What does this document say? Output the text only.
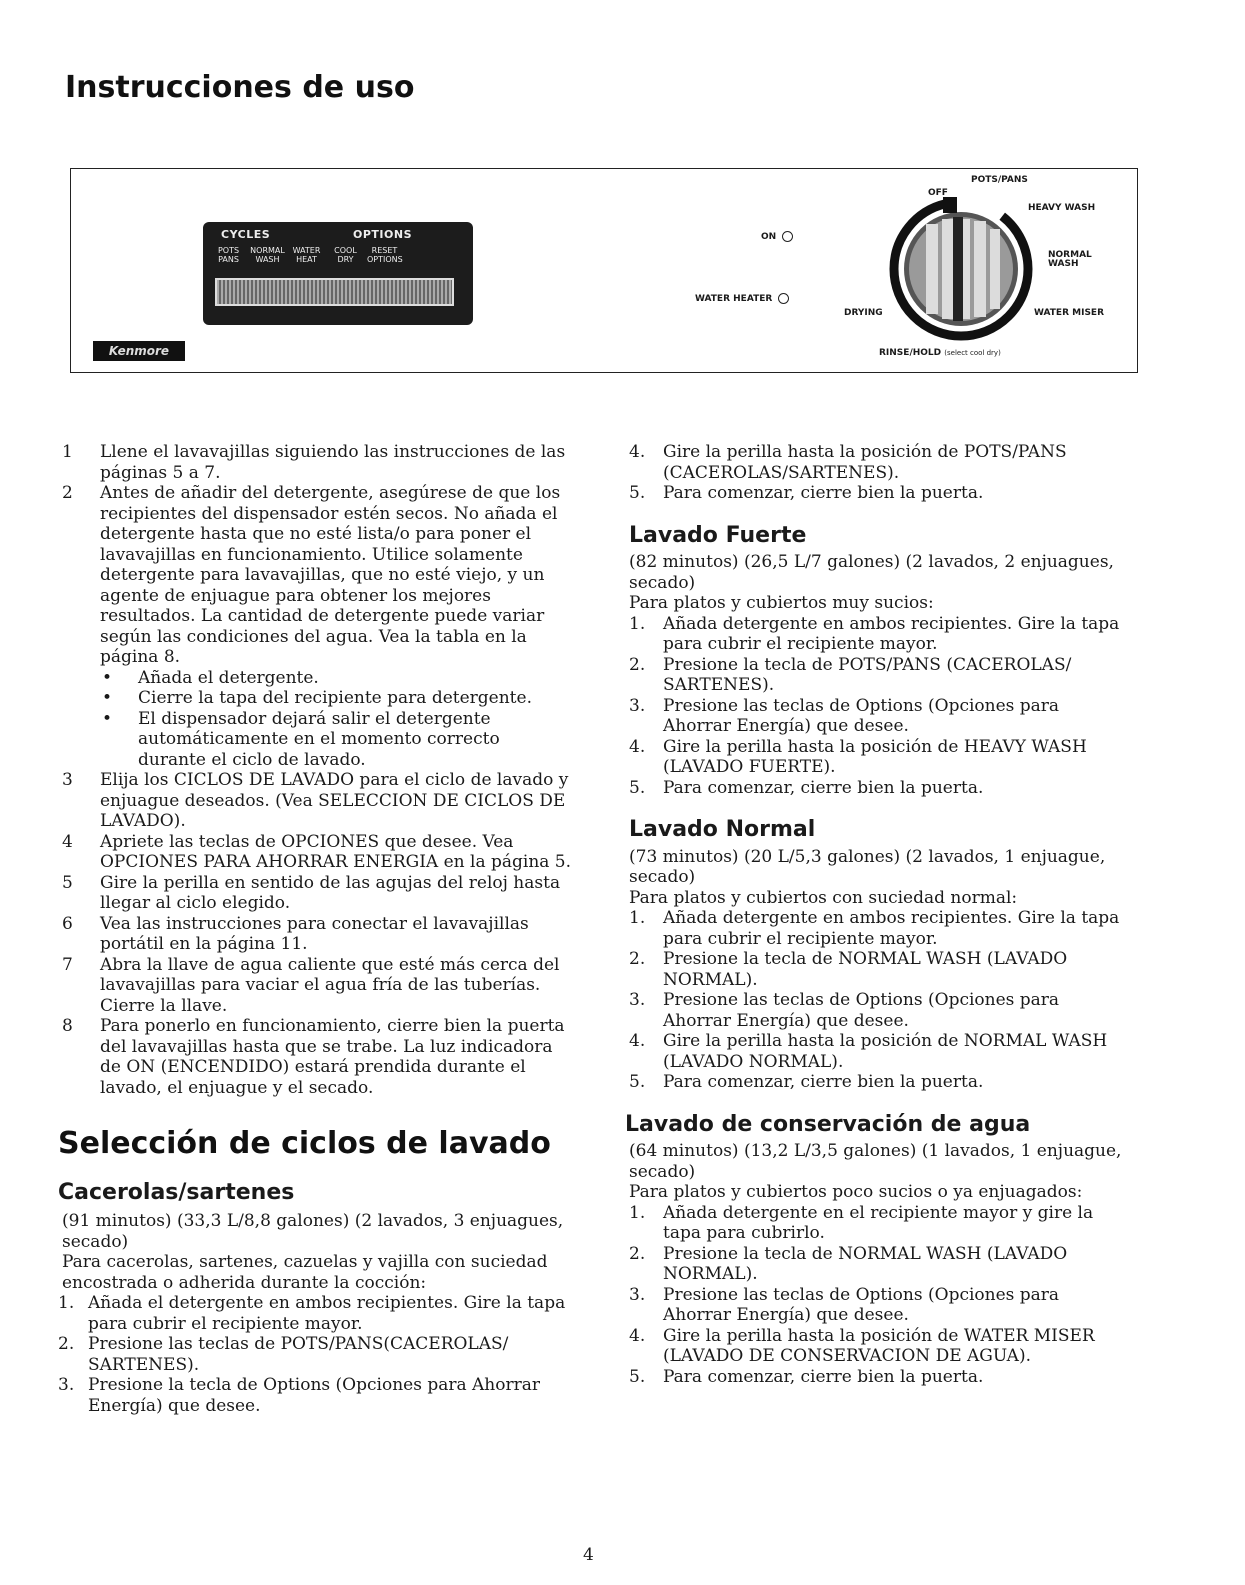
Instrucciones de uso
CYCLES	OPTIONS
POTS
PANS
NORMAL
WASH
WATER
HEAT
COOL
DRY
RESET
OPTIONS
Kenmore
ON
WATER HEATER
OFF
POTS/PANS
HEAVY WASH
NORMAL
WASH
WATER MISER
DRYING
RINSE/HOLD (select cool dry)
1 Llene el lavavajillas siguiendo las instrucciones de las páginas 5 a 7.
2 Antes de añadir del detergente, asegúrese de que los recipientes del dispensador estén secos. No añada el detergente hasta que no esté lista/o para poner el lavavajillas en funcionamiento. Utilice solamente detergente para lavavajillas, que no esté viejo, y un agente de enjuague para obtener los mejores resultados. La cantidad de detergente puede variar según las condiciones del agua. Vea la tabla en la página 8.
• Añada el detergente.
• Cierre la tapa del recipiente para detergente.
• El dispensador dejará salir el detergente automáticamente en el momento correcto durante el ciclo de lavado.
3 Elija los CICLOS DE LAVADO para el ciclo de lavado y enjuague deseados. (Vea SELECCION DE CICLOS DE LAVADO).
4 Apriete las teclas de OPCIONES que desee. Vea OPCIONES PARA AHORRAR ENERGIA en la página 5.
5 Gire la perilla en sentido de las agujas del reloj hasta llegar al ciclo elegido.
6 Vea las instrucciones para conectar el lavavajillas portátil en la página 11.
7 Abra la llave de agua caliente que esté más cerca del lavavajillas para vaciar el agua fría de las tuberías. Cierre la llave.
8 Para ponerlo en funcionamiento, cierre bien la puerta del lavavajillas hasta que se trabe. La luz indicadora de ON (ENCENDIDO) estará prendida durante el lavado, el enjuague y el secado.
Selección de ciclos de lavado
Cacerolas/sartenes

(91 minutos) (33,3 L/8,8 galones) (2 lavados, 3 enjuagues, secado)

Para cacerolas, sartenes, cazuelas y vajilla con suciedad encostrada o adherida durante la cocción:

1. Añada el detergente en ambos recipientes. Gire la tapa para cubrir el recipiente mayor.
2. Presione las teclas de POTS/PANS(CACEROLAS/ SARTENES).
3. Presione la tecla de Options (Opciones para Ahorrar Energía) que desee.
4. Gire la perilla hasta la posición de POTS/PANS (CACEROLAS/SARTENES).
5. Para comenzar, cierre bien la puerta.
Lavado Fuerte

(82 minutos) (26,5 L/7 galones) (2 lavados, 2 enjuagues, secado)

Para platos y cubiertos muy sucios:

1. Añada detergente en ambos recipientes. Gire la tapa para cubrir el recipiente mayor.
2. Presione la tecla de POTS/PANS (CACEROLAS/ SARTENES).
3. Presione las teclas de Options (Opciones para Ahorrar Energía) que desee.
4. Gire la perilla hasta la posición de HEAVY WASH (LAVADO FUERTE).
5. Para comenzar, cierre bien la puerta.
Lavado Normal

(73 minutos) (20 L/5,3 galones) (2 lavados, 1 enjuague, secado)

Para platos y cubiertos con suciedad normal:

1. Añada detergente en ambos recipientes. Gire la tapa para cubrir el recipiente mayor.
2. Presione la tecla de NORMAL WASH (LAVADO NORMAL).
3. Presione las teclas de Options (Opciones para Ahorrar Energía) que desee.
4. Gire la perilla hasta la posición de NORMAL WASH (LAVADO NORMAL).
5. Para comenzar, cierre bien la puerta.
Lavado de conservación de agua

(64 minutos) (13,2 L/3,5 galones) (1 lavados, 1 enjuague, secado)

Para platos y cubiertos poco sucios o ya enjuagados:

1. Añada detergente en el recipiente mayor y gire la tapa para cubrirlo.
2. Presione la tecla de NORMAL WASH (LAVADO NORMAL).
3. Presione las teclas de Options (Opciones para Ahorrar Energía) que desee.
4. Gire la perilla hasta la posición de WATER MISER (LAVADO DE CONSERVACION DE AGUA).
5. Para comenzar, cierre bien la puerta.
4
